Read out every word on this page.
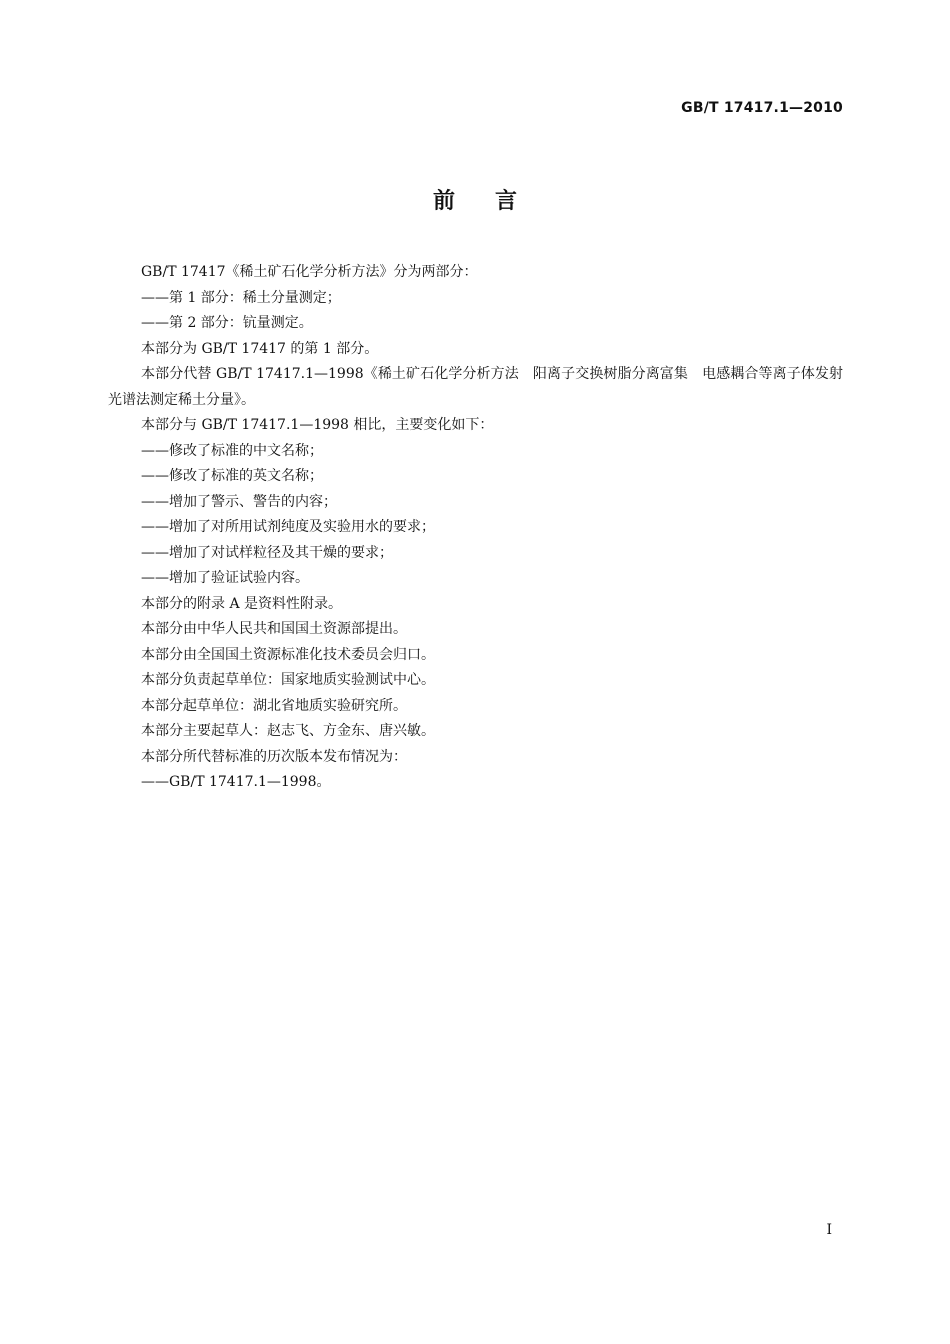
GB/T 17417.1—2010
前言

GB/T 17417《稀土矿石化学分析方法》分为两部分：

——第 1 部分：稀土分量测定；

——第 2 部分：钪量测定。

本部分为 GB/T 17417 的第 1 部分。

本部分代替 GB/T 17417.1—1998《稀土矿石化学分析方法　阳离子交换树脂分离富集　电感耦合等离子体发射光谱法测定稀土分量》。

本部分与 GB/T 17417.1—1998 相比，主要变化如下：

——修改了标准的中文名称；

——修改了标准的英文名称；

——增加了警示、警告的内容；

——增加了对所用试剂纯度及实验用水的要求；

——增加了对试样粒径及其干燥的要求；

——增加了验证试验内容。

本部分的附录 A 是资料性附录。

本部分由中华人民共和国国土资源部提出。

本部分由全国国土资源标准化技术委员会归口。

本部分负责起草单位：国家地质实验测试中心。

本部分起草单位：湖北省地质实验研究所。

本部分主要起草人：赵志飞、方金东、唐兴敏。

本部分所代替标准的历次版本发布情况为：

——GB/T 17417.1—1998。

I
